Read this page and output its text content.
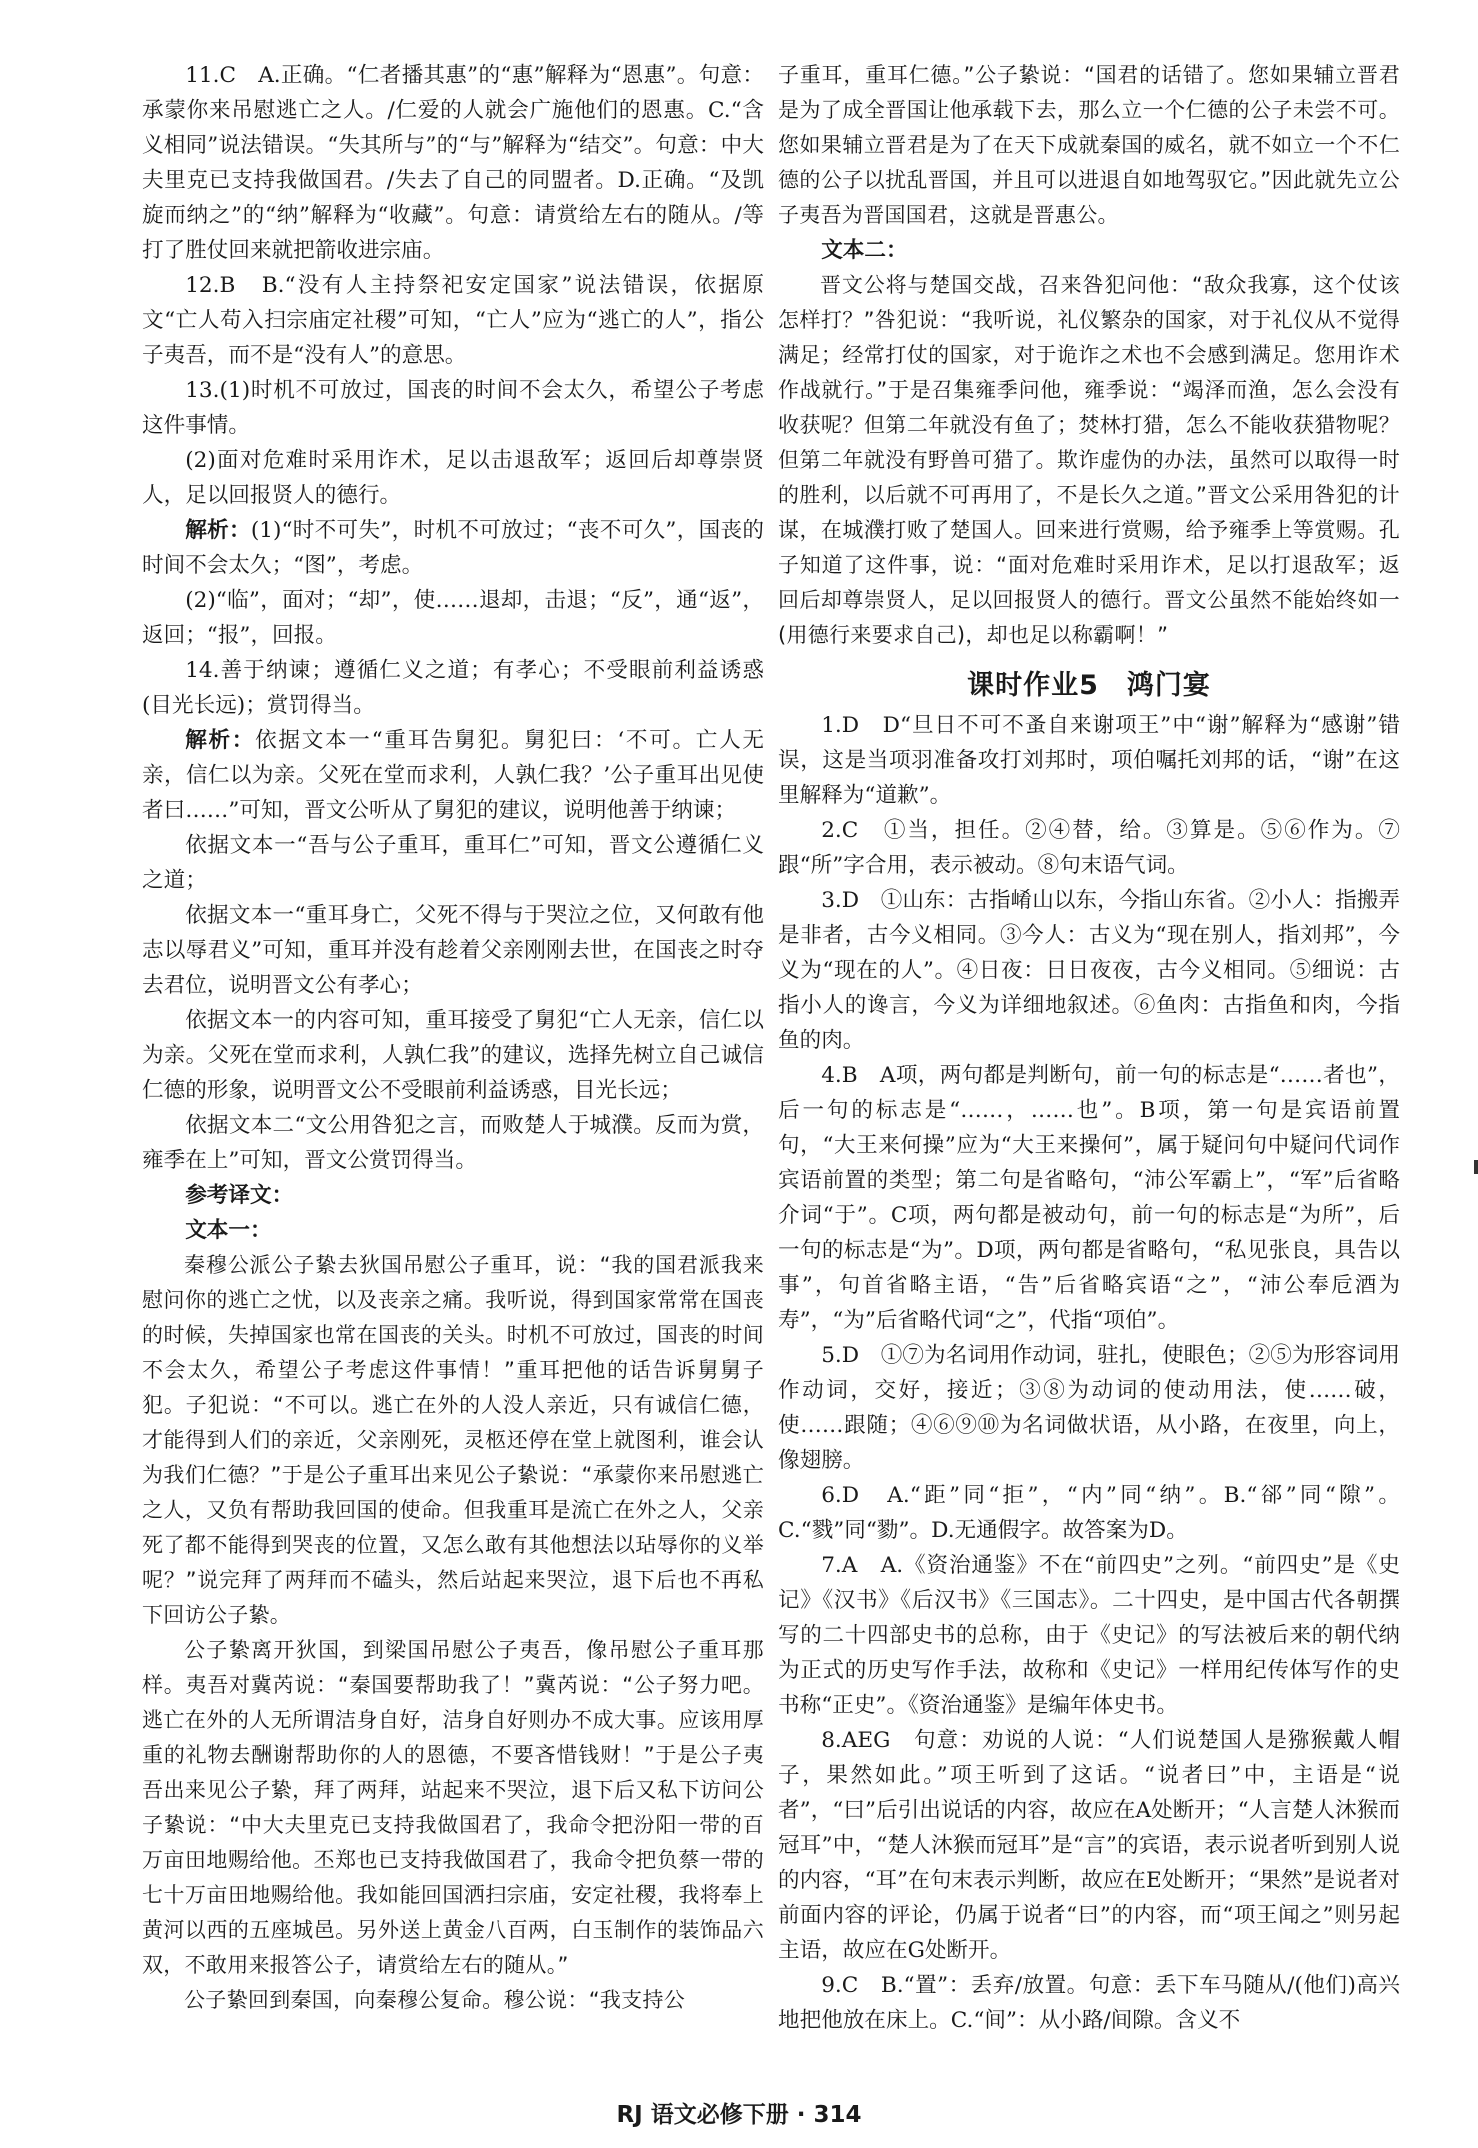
11.C　A.正确。“仁者播其惠”的“惠”解释为“恩惠”。句意：承蒙你来吊慰逃亡之人。/仁爱的人就会广施他们的恩惠。C.“含义相同”说法错误。“失其所与”的“与”解释为“结交”。句意：中大夫里克已支持我做国君。/失去了自己的同盟者。D.正确。“及凯旋而纳之”的“纳”解释为“收藏”。句意：请赏给左右的随从。/等打了胜仗回来就把箭收进宗庙。

12.B　B.“没有人主持祭祀安定国家”说法错误，依据原文“亡人苟入扫宗庙定社稷”可知，“亡人”应为“逃亡的人”，指公子夷吾，而不是“没有人”的意思。

13.(1)时机不可放过，国丧的时间不会太久，希望公子考虑这件事情。

(2)面对危难时采用诈术，足以击退敌军；返回后却尊崇贤人，足以回报贤人的德行。

解析：(1)“时不可失”，时机不可放过；“丧不可久”，国丧的时间不会太久；“图”，考虑。

(2)“临”，面对；“却”，使……退却，击退；“反”，通“返”，返回；“报”，回报。

14.善于纳谏；遵循仁义之道；有孝心；不受眼前利益诱惑(目光长远)；赏罚得当。

解析：依据文本一“重耳告舅犯。舅犯曰：‘不可。亡人无亲，信仁以为亲。父死在堂而求利，人孰仁我？’公子重耳出见使者曰……”可知，晋文公听从了舅犯的建议，说明他善于纳谏；

依据文本一“吾与公子重耳，重耳仁”可知，晋文公遵循仁义之道；

依据文本一“重耳身亡，父死不得与于哭泣之位，又何敢有他志以辱君义”可知，重耳并没有趁着父亲刚刚去世，在国丧之时夺去君位，说明晋文公有孝心；

依据文本一的内容可知，重耳接受了舅犯“亡人无亲，信仁以为亲。父死在堂而求利，人孰仁我”的建议，选择先树立自己诚信仁德的形象，说明晋文公不受眼前利益诱惑，目光长远；

依据文本二“文公用咎犯之言，而败楚人于城濮。反而为赏，雍季在上”可知，晋文公赏罚得当。

参考译文：

文本一：

秦穆公派公子絷去狄国吊慰公子重耳，说：“我的国君派我来慰问你的逃亡之忧，以及丧亲之痛。我听说，得到国家常常在国丧的时候，失掉国家也常在国丧的关头。时机不可放过，国丧的时间不会太久，希望公子考虑这件事情！”重耳把他的话告诉舅舅子犯。子犯说：“不可以。逃亡在外的人没人亲近，只有诚信仁德，才能得到人们的亲近，父亲刚死，灵柩还停在堂上就图利，谁会认为我们仁德？”于是公子重耳出来见公子絷说：“承蒙你来吊慰逃亡之人，又负有帮助我回国的使命。但我重耳是流亡在外之人，父亲死了都不能得到哭丧的位置，又怎么敢有其他想法以玷辱你的义举呢？”说完拜了两拜而不磕头，然后站起来哭泣，退下后也不再私下回访公子絷。

公子絷离开狄国，到梁国吊慰公子夷吾，像吊慰公子重耳那样。夷吾对冀芮说：“秦国要帮助我了！”冀芮说：“公子努力吧。逃亡在外的人无所谓洁身自好，洁身自好则办不成大事。应该用厚重的礼物去酬谢帮助你的人的恩德，不要吝惜钱财！”于是公子夷吾出来见公子絷，拜了两拜，站起来不哭泣，退下后又私下访问公子絷说：“中大夫里克已支持我做国君了，我命令把汾阳一带的百万亩田地赐给他。丕郑也已支持我做国君了，我命令把负蔡一带的七十万亩田地赐给他。我如能回国洒扫宗庙，安定社稷，我将奉上黄河以西的五座城邑。另外送上黄金八百两，白玉制作的装饰品六双，不敢用来报答公子，请赏给左右的随从。”

公子絷回到秦国，向秦穆公复命。穆公说：“我支持公

子重耳，重耳仁德。”公子絷说：“国君的话错了。您如果辅立晋君是为了成全晋国让他承载下去，那么立一个仁德的公子未尝不可。您如果辅立晋君是为了在天下成就秦国的威名，就不如立一个不仁德的公子以扰乱晋国，并且可以进退自如地驾驭它。”因此就先立公子夷吾为晋国国君，这就是晋惠公。

文本二：

晋文公将与楚国交战，召来咎犯问他：“敌众我寡，这个仗该怎样打？”咎犯说：“我听说，礼仪繁杂的国家，对于礼仪从不觉得满足；经常打仗的国家，对于诡诈之术也不会感到满足。您用诈术作战就行。”于是召集雍季问他，雍季说：“竭泽而渔，怎么会没有收获呢？但第二年就没有鱼了；焚林打猎，怎么不能收获猎物呢？但第二年就没有野兽可猎了。欺诈虚伪的办法，虽然可以取得一时的胜利，以后就不可再用了，不是长久之道。”晋文公采用咎犯的计谋，在城濮打败了楚国人。回来进行赏赐，给予雍季上等赏赐。孔子知道了这件事，说：“面对危难时采用诈术，足以打退敌军；返回后却尊崇贤人，足以回报贤人的德行。晋文公虽然不能始终如一(用德行来要求自己)，却也足以称霸啊！”

课时作业5　鸿门宴

1.D　D“旦日不可不蚤自来谢项王”中“谢”解释为“感谢”错误，这是当项羽准备攻打刘邦时，项伯嘱托刘邦的话，“谢”在这里解释为“道歉”。

2.C　①当，担任。②④替，给。③算是。⑤⑥作为。⑦跟“所”字合用，表示被动。⑧句末语气词。

3.D　①山东：古指崤山以东，今指山东省。②小人：指搬弄是非者，古今义相同。③今人：古义为“现在别人，指刘邦”，今义为“现在的人”。④日夜：日日夜夜，古今义相同。⑤细说：古指小人的谗言，今义为详细地叙述。⑥鱼肉：古指鱼和肉，今指鱼的肉。

4.B　A项，两句都是判断句，前一句的标志是“……者也”，后一句的标志是“……，……也”。B项，第一句是宾语前置句，“大王来何操”应为“大王来操何”，属于疑问句中疑问代词作宾语前置的类型；第二句是省略句，“沛公军霸上”，“军”后省略介词“于”。C项，两句都是被动句，前一句的标志是“为所”，后一句的标志是“为”。D项，两句都是省略句，“私见张良，具告以事”，句首省略主语，“告”后省略宾语“之”，“沛公奉卮酒为寿”，“为”后省略代词“之”，代指“项伯”。

5.D　①⑦为名词用作动词，驻扎，使眼色；②⑤为形容词用作动词，交好，接近；③⑧为动词的使动用法，使……破，使……跟随；④⑥⑨⑩为名词做状语，从小路，在夜里，向上，像翅膀。

6.D　A.“距”同“拒”，“内”同“纳”。B.“郤”同“隙”。C.“戮”同“勠”。D.无通假字。故答案为D。

7.A　A.《资治通鉴》不在“前四史”之列。“前四史”是《史记》《汉书》《后汉书》《三国志》。二十四史，是中国古代各朝撰写的二十四部史书的总称，由于《史记》的写法被后来的朝代纳为正式的历史写作手法，故称和《史记》一样用纪传体写作的史书称“正史”。《资治通鉴》是编年体史书。

8.AEG　句意：劝说的人说：“人们说楚国人是猕猴戴人帽子，果然如此。”项王听到了这话。“说者曰”中，主语是“说者”，“曰”后引出说话的内容，故应在A处断开；“人言楚人沐猴而冠耳”中，“楚人沐猴而冠耳”是“言”的宾语，表示说者听到别人说的内容，“耳”在句末表示判断，故应在E处断开；“果然”是说者对前面内容的评论，仍属于说者“曰”的内容，而“项王闻之”则另起主语，故应在G处断开。

9.C　B.“置”：丢弃/放置。句意：丢下车马随从/(他们)高兴地把他放在床上。C.“间”：从小路/间隙。含义不

RJ 语文必修下册 · 314
